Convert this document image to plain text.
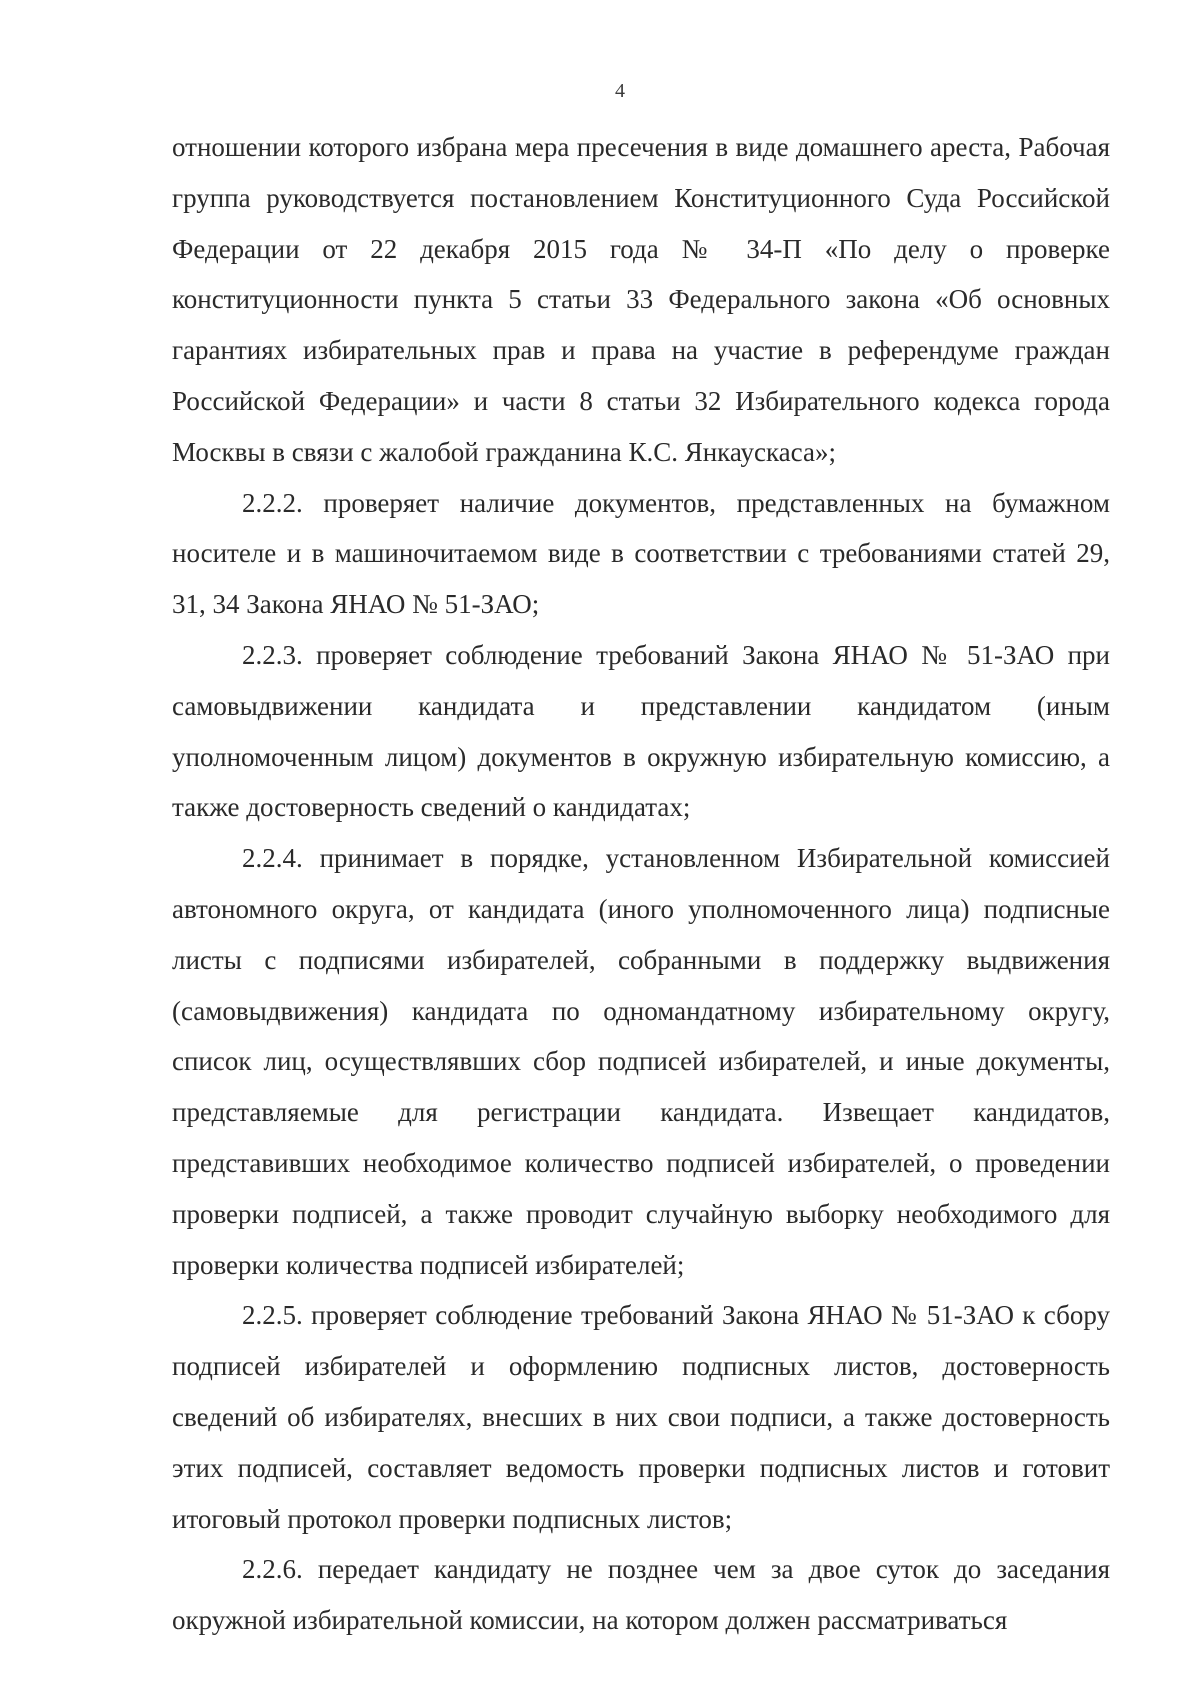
4

отношении которого избрана мера пресечения в виде домашнего ареста, Рабочая группа руководствуется постановлением Конституционного Суда Российской Федерации от 22 декабря 2015 года № 34-П «По делу о проверке конституционности пункта 5 статьи 33 Федерального закона «Об основных гарантиях избирательных прав и права на участие в референдуме граждан Российской Федерации» и части 8 статьи 32 Избирательного кодекса города Москвы в связи с жалобой гражданина К.С. Янкаускаса»;

2.2.2. проверяет наличие документов, представленных на бумажном носителе и в машиночитаемом виде в соответствии с требованиями статей 29, 31, 34 Закона ЯНАО № 51-ЗАО;

2.2.3. проверяет соблюдение требований Закона ЯНАО № 51-ЗАО при самовыдвижении кандидата и представлении кандидатом (иным уполномоченным лицом) документов в окружную избирательную комиссию, а также достоверность сведений о кандидатах;

2.2.4. принимает в порядке, установленном Избирательной комиссией автономного округа, от кандидата (иного уполномоченного лица) подписные листы с подписями избирателей, собранными в поддержку выдвижения (самовыдвижения) кандидата по одномандатному избирательному округу, список лиц, осуществлявших сбор подписей избирателей, и иные документы, представляемые для регистрации кандидата. Извещает кандидатов, представивших необходимое количество подписей избирателей, о проведении проверки подписей, а также проводит случайную выборку необходимого для проверки количества подписей избирателей;

2.2.5. проверяет соблюдение требований Закона ЯНАО № 51-ЗАО к сбору подписей избирателей и оформлению подписных листов, достоверность сведений об избирателях, внесших в них свои подписи, а также достоверность этих подписей, составляет ведомость проверки подписных листов и готовит итоговый протокол проверки подписных листов;

2.2.6. передает кандидату не позднее чем за двое суток до заседания окружной избирательной комиссии, на котором должен рассматриваться
